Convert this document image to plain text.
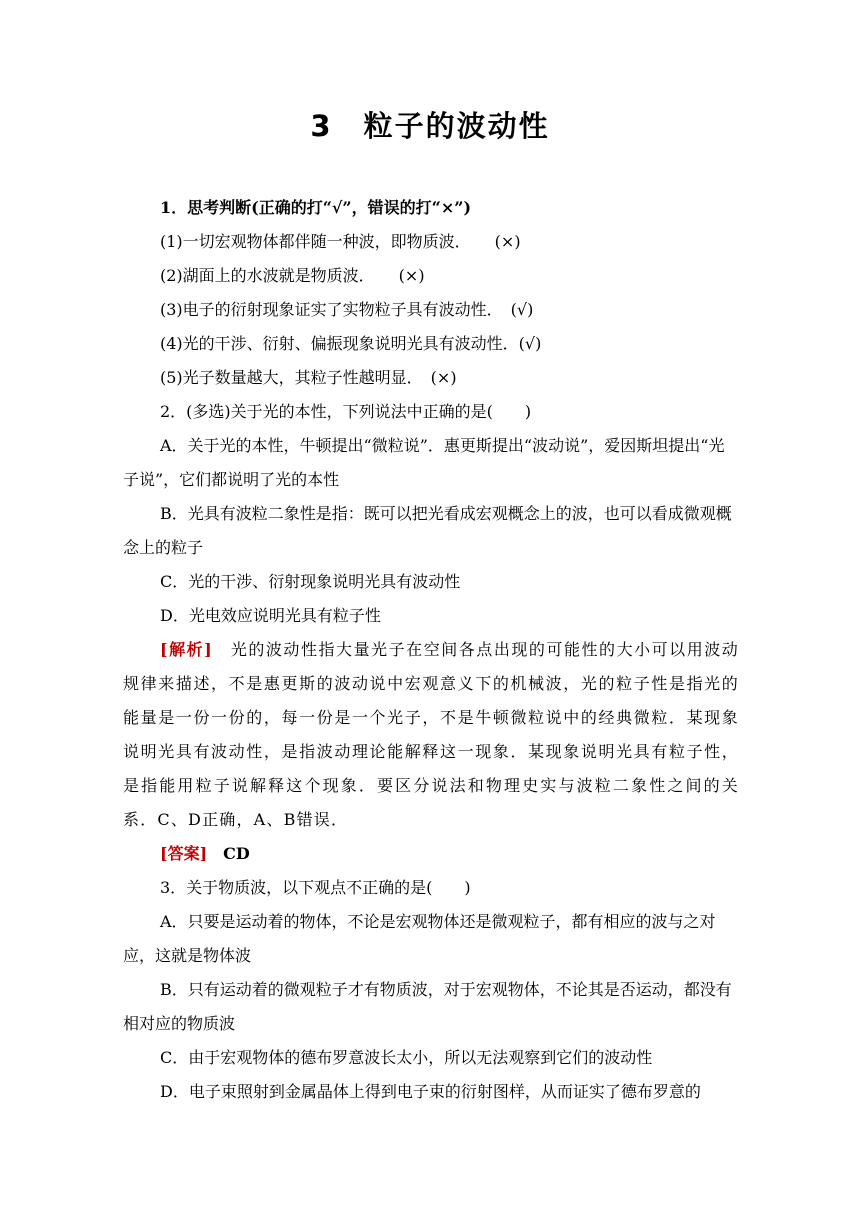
3　粒子的波动性

1．思考判断(正确的打“√”，错误的打“×”)

(1)一切宏观物体都伴随一种波，即物质波．　　(×)

(2)湖面上的水波就是物质波．　　(×)

(3)电子的衍射现象证实了实物粒子具有波动性．　(√)

(4)光的干涉、衍射、偏振现象说明光具有波动性．(√)

(5)光子数量越大，其粒子性越明显．　(×)

2．(多选)关于光的本性，下列说法中正确的是(　　)

A．关于光的本性，牛顿提出“微粒说”．惠更斯提出“波动说”，爱因斯坦提出“光子说”，它们都说明了光的本性

B．光具有波粒二象性是指：既可以把光看成宏观概念上的波，也可以看成微观概念上的粒子

C．光的干涉、衍射现象说明光具有波动性

D．光电效应说明光具有粒子性

[解析]　 光的波动性指大量光子在空间各点出现的可能性的大小可以用波动规律来描述，不是惠更斯的波动说中宏观意义下的机械波，光的粒子性是指光的能量是一份一份的，每一份是一个光子，不是牛顿微粒说中的经典微粒．某现象说明光具有波动性，是指波动理论能解释这一现象．某现象说明光具有粒子性，是指能用粒子说解释这个现象．要区分说法和物理史实与波粒二象性之间的关系．C、D正确，A、B错误．

[答案]　 CD

3．关于物质波，以下观点不正确的是(　　)

A．只要是运动着的物体，不论是宏观物体还是微观粒子，都有相应的波与之对应，这就是物体波

B．只有运动着的微观粒子才有物质波，对于宏观物体，不论其是否运动，都没有相对应的物质波

C．由于宏观物体的德布罗意波长太小，所以无法观察到它们的波动性

D．电子束照射到金属晶体上得到电子束的衍射图样，从而证实了德布罗意的
